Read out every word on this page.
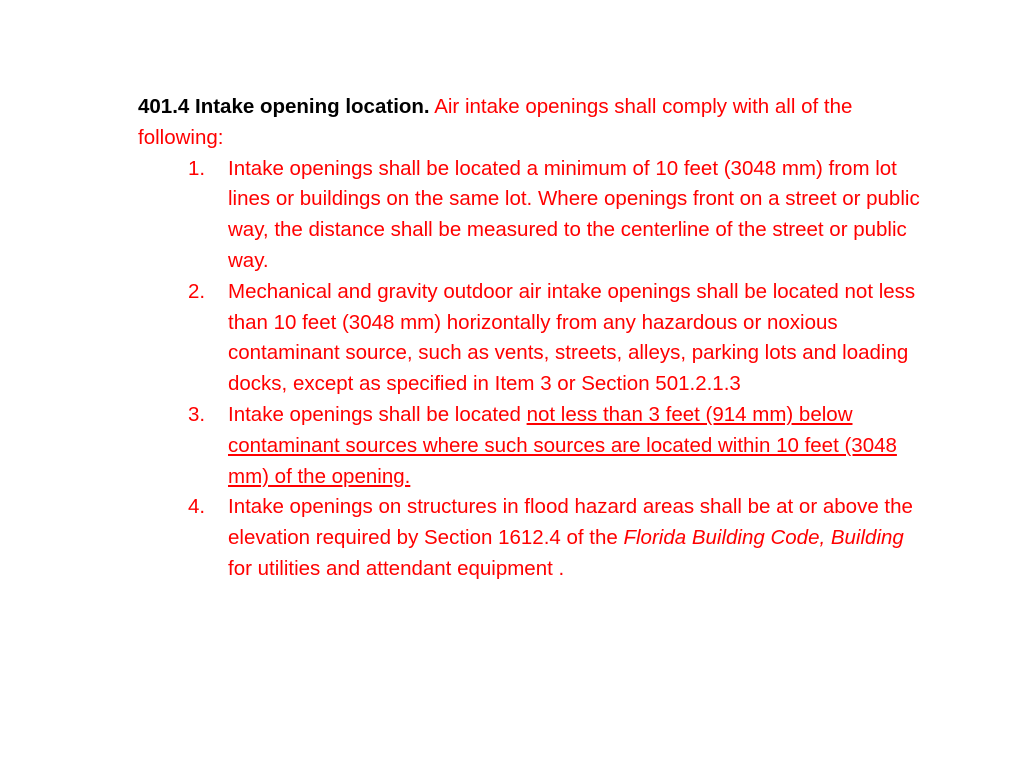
401.4 Intake opening location. Air intake openings shall comply with all of the following:

1. Intake openings shall be located a minimum of 10 feet (3048 mm) from lot lines or buildings on the same lot. Where openings front on a street or public way, the distance shall be measured to the centerline of the street or public way.
2. Mechanical and gravity outdoor air intake openings shall be located not less than 10 feet (3048 mm) horizontally from any hazardous or noxious contaminant source, such as vents, streets, alleys, parking lots and loading docks, except as specified in Item 3 or Section 501.2.1.3
3. Intake openings shall be located not less than 3 feet (914 mm) below contaminant sources where such sources are located within 10 feet (3048 mm) of the opening.
4. Intake openings on structures in flood hazard areas shall be at or above the elevation required by Section 1612.4 of the Florida Building Code, Building for utilities and attendant equipment .
